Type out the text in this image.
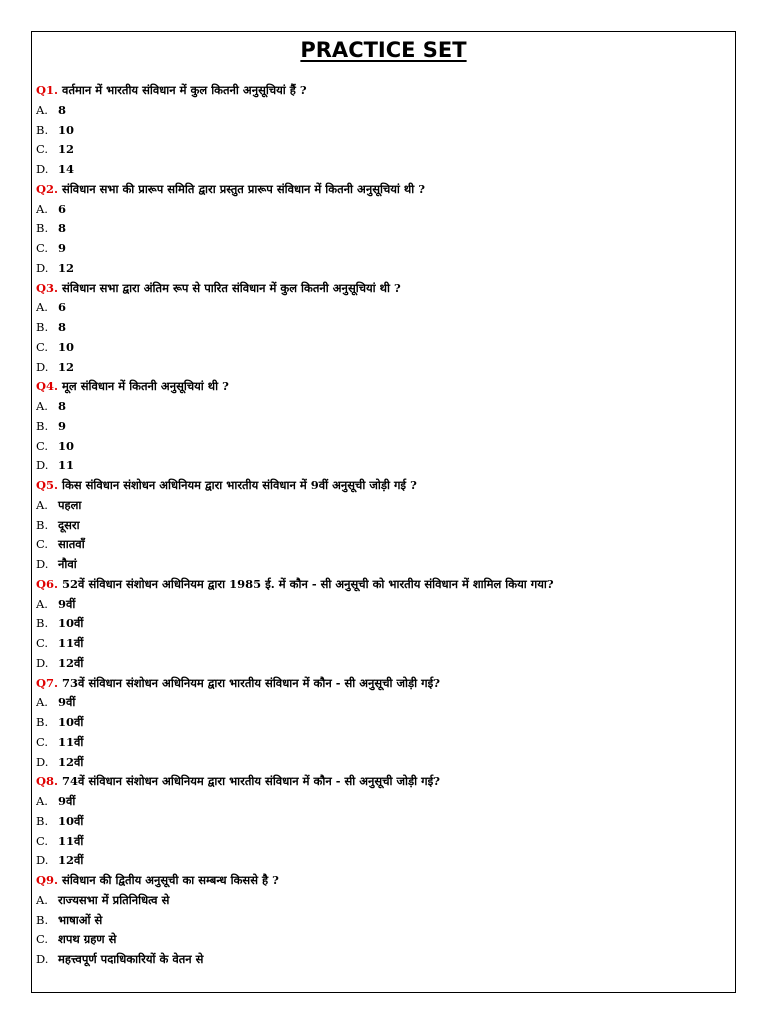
PRACTICE SET
Q1. वर्तमान में भारतीय संविधान में कुल कितनी अनुसूचियां हैं ?
A. 8
B. 10
C. 12
D. 14
Q2. संविधान सभा की प्रारूप समिति द्वारा प्रस्तुत प्रारूप संविधान में कितनी अनुसूचियां थी ?
A. 6
B. 8
C. 9
D. 12
Q3. संविधान सभा द्वारा अंतिम रूप से पारित संविधान में कुल कितनी अनुसूचियां थी ?
A. 6
B. 8
C. 10
D. 12
Q4. मूल संविधान में कितनी अनुसूचियां थी ?
A. 8
B. 9
C. 10
D. 11
Q5. किस संविधान संशोधन अधिनियम द्वारा भारतीय संविधान में 9वीं अनुसूची जोड़ी गई ?
A. पहला
B. दूसरा
C. सातवाँ
D. नौवां
Q6. 52वें संविधान संशोधन अधिनियम द्वारा 1985 ई. में कौन - सी अनुसूची को भारतीय संविधान में शामिल किया गया?
A. 9वीं
B. 10वीं
C. 11वीं
D. 12वीं
Q7. 73वें संविधान संशोधन अधिनियम द्वारा भारतीय संविधान में कौन - सी अनुसूची जोड़ी गई?
A. 9वीं
B. 10वीं
C. 11वीं
D. 12वीं
Q8. 74वें संविधान संशोधन अधिनियम द्वारा भारतीय संविधान में कौन - सी अनुसूची जोड़ी गई?
A. 9वीं
B. 10वीं
C. 11वीं
D. 12वीं
Q9. संविधान की द्वितीय अनुसूची का सम्बन्ध किससे है ?
A. राज्यसभा में प्रतिनिधित्व से
B. भाषाओं से
C. शपथ ग्रहण से
D. महत्त्वपूर्ण पदाधिकारियों के वेतन से
